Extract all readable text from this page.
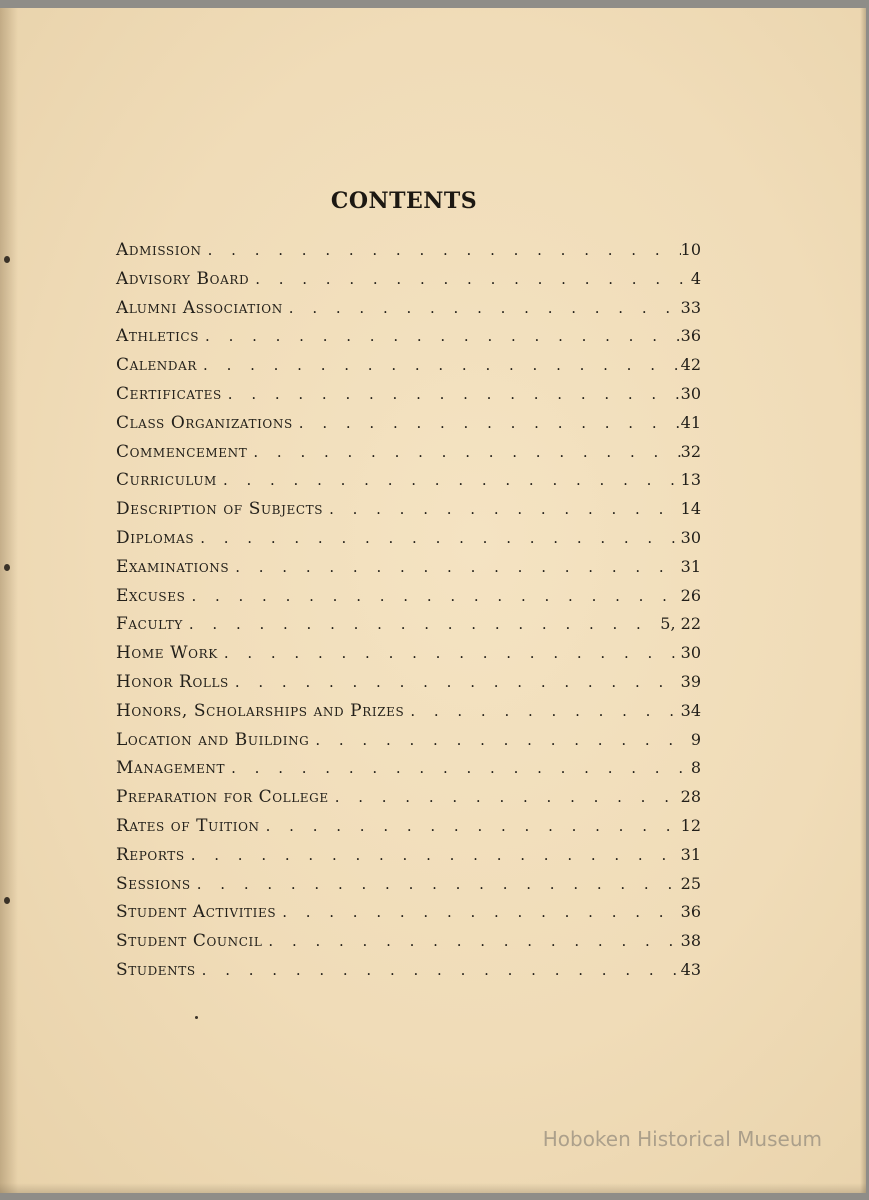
CONTENTS
Admission . . .	10
Advisory Board . . .	4
Alumni Association . . .	33
Athletics . . .	36
Calendar . . .	42
Certificates . . .	30
Class Organizations . . .	41
Commencement . . .	32
Curriculum . . .	13
Description of Subjects . . .	14
Diplomas . . .	30
Examinations . . .	31
Excuses . . .	26
Faculty . . .	5, 22
Home Work . . .	30
Honor Rolls . . .	39
Honors, Scholarships and Prizes . . .	34
Location and Building . . .	9
Management . . .	8
Preparation for College . . .	28
Rates of Tuition . . .	12
Reports . . .	31
Sessions . . .	25
Student Activities . . .	36
Student Council . . .	38
Students . . .	43
Hoboken Historical Museum
